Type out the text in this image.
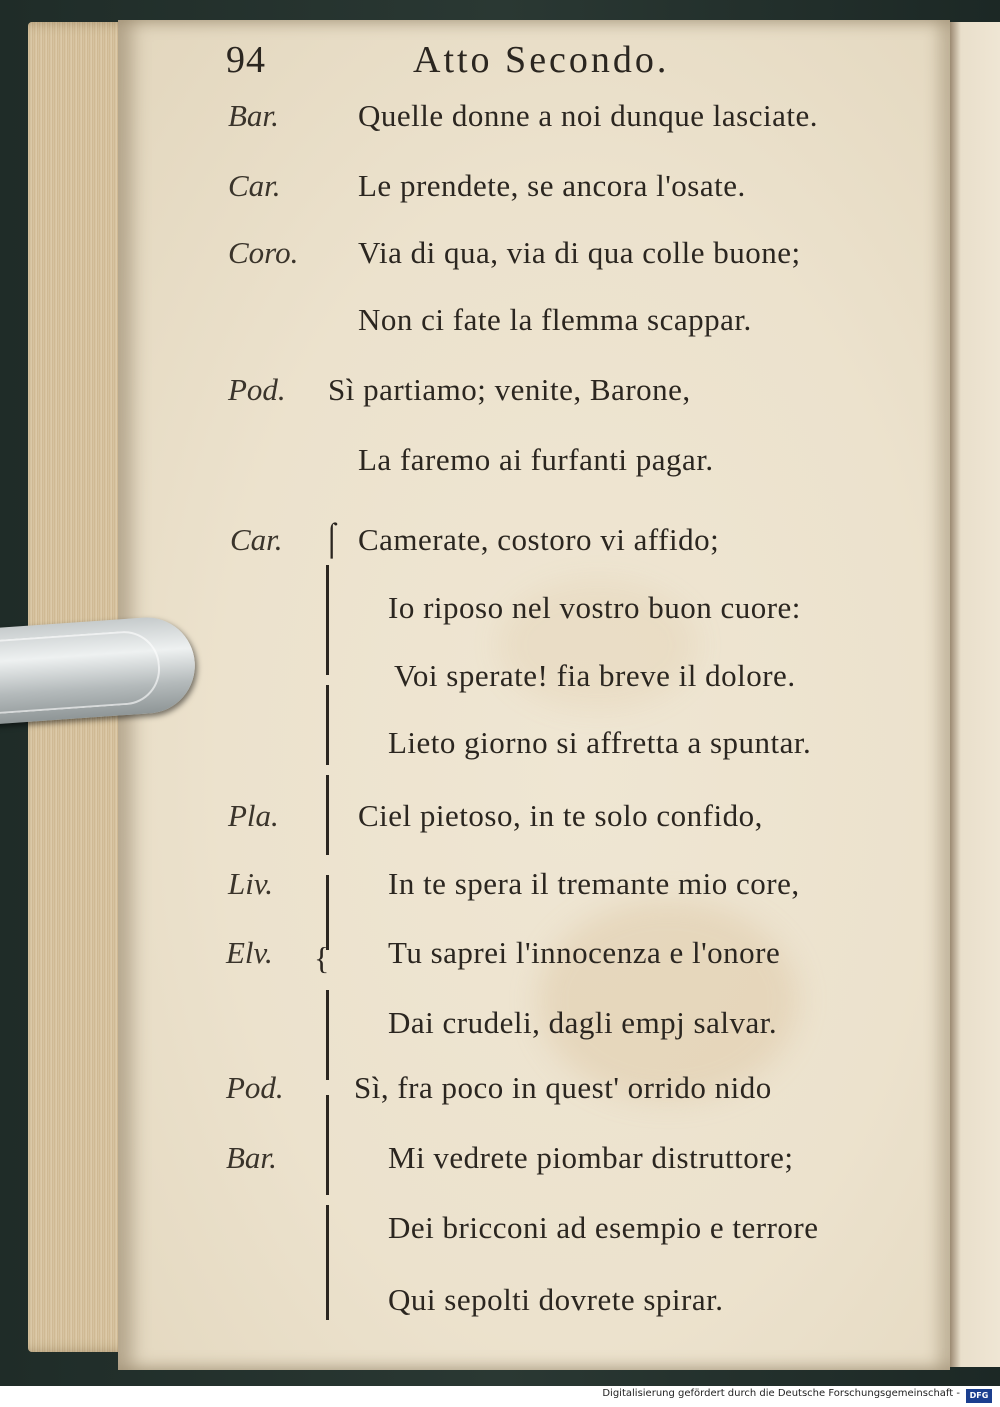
94	Atto Secondo.
Bar.
Car.
Coro.
Pod.
Car.
Pla.
Liv.
Elv.
Pod.
Bar.
Quelle donne a noi dunque lasciate.
Le prendete, se ancora l'osate.
Via di qua, via di qua colle buone;
Non ci fate la flemma scappar.
Sì partiamo; venite, Barone,
La faremo ai furfanti pagar.
Camerate, costoro vi affido;
Io riposo nel vostro buon cuore:
Voi sperate! fia breve il dolore.
Lieto giorno si affretta a spuntar.
Ciel pietoso, in te solo confido,
In te spera il tremante mio core,
Tu saprei l'innocenza e l'onore
Dai crudeli, dagli empj salvar.
Sì, fra poco in quest' orrido nido
Mi vedrete piombar distruttore;
Dei bricconi ad esempio e terrore
Qui sepolti dovrete spirar.
⌠
{
Digitalisierung gefördert durch die Deutsche Forschungsgemeinschaft -	DFG
